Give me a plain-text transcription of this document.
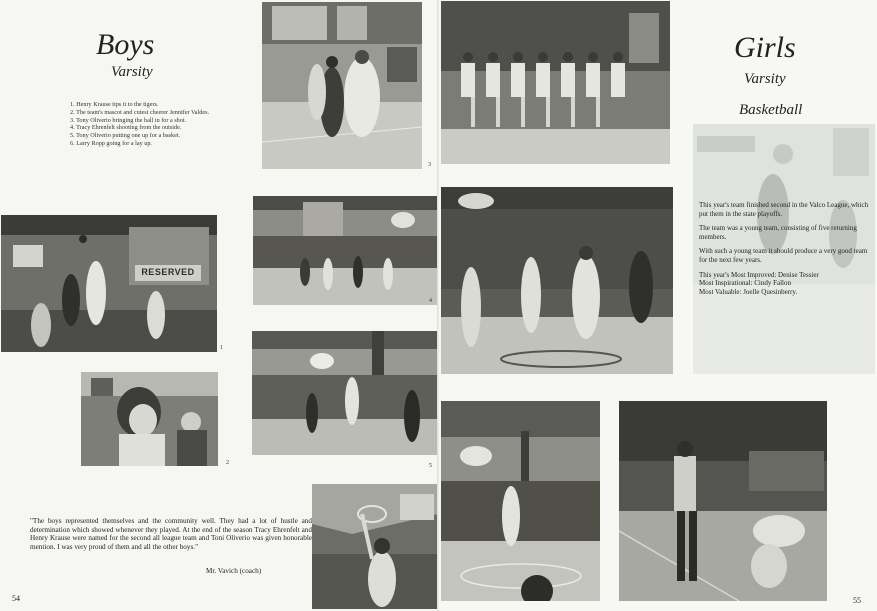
Boys
Varsity
1. Henry Krause tips it to the tigers.
2. The team's mascot and cutest cheerer Jennifer Valdes.
3. Tony Oliverio bringing the ball in for a shot.
4. Tracy Ehrenfelt shooting from the outside.
5. Tony Oliverio putting one up for a basket.
6. Larry Ropp going for a lay up.
3
RESERVED
1
4
2	5
"The boys represented themselves and the community well. They had a lot of hustle and determination which showed whenever they played. At the end of the season Tracy Ehrenfelt and Henry Krause were named for the second all league team and Toni Oliverio was given honorable mention. I was very proud of them and all the other boys."
Mr. Vavich (coach)
54
Girls
Varsity
Basketball
55

This year's team finished second in the Valco League, which put them in the state playoffs.

The team was a young team, consisting of five returning members.

With such a young team it should produce a very good team for the next few years.

This year's Most Improved: Denise Tessier
Most Inspirational: Cindy Fallon
Most Valuable: Joelle Quesinberry.
